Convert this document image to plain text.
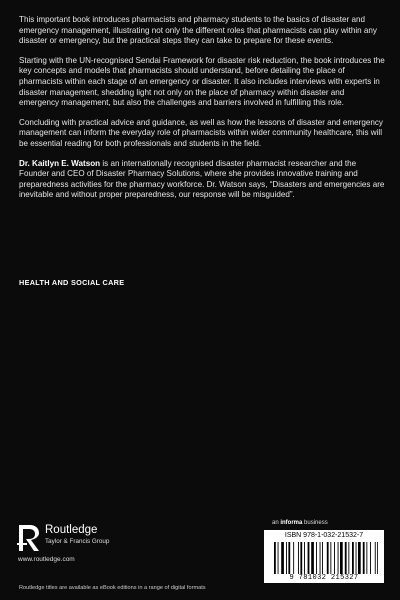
This important book introduces pharmacists and pharmacy students to the basics of disaster and emergency management, illustrating not only the different roles that pharmacists can play within any disaster or emergency, but the practical steps they can take to prepare for these events.

Starting with the UN-recognised Sendai Framework for disaster risk reduction, the book introduces the key concepts and models that pharmacists should understand, before detailing the place of pharmacists within each stage of an emergency or disaster. It also includes interviews with experts in disaster management, shedding light not only on the place of pharmacy within disaster and emergency management, but also the challenges and barriers involved in fulfilling this role.

Concluding with practical advice and guidance, as well as how the lessons of disaster and emergency management can inform the everyday role of pharmacists within wider community healthcare, this will be essential reading for both professionals and students in the field.

Dr. Kaitlyn E. Watson is an internationally recognised disaster pharmacist researcher and the Founder and CEO of Disaster Pharmacy Solutions, where she provides innovative training and preparedness activities for the pharmacy workforce. Dr. Watson says, “Disasters and emergencies are inevitable and without proper preparedness, our response will be misguided”.

HEALTH AND SOCIAL CARE
Routledge
Taylor & Francis Group
www.routledge.com
an informa business
ISBN 978-1-032-21532-7
9 781032 215327
Routledge titles are available as eBook editions in a range of digital formats
